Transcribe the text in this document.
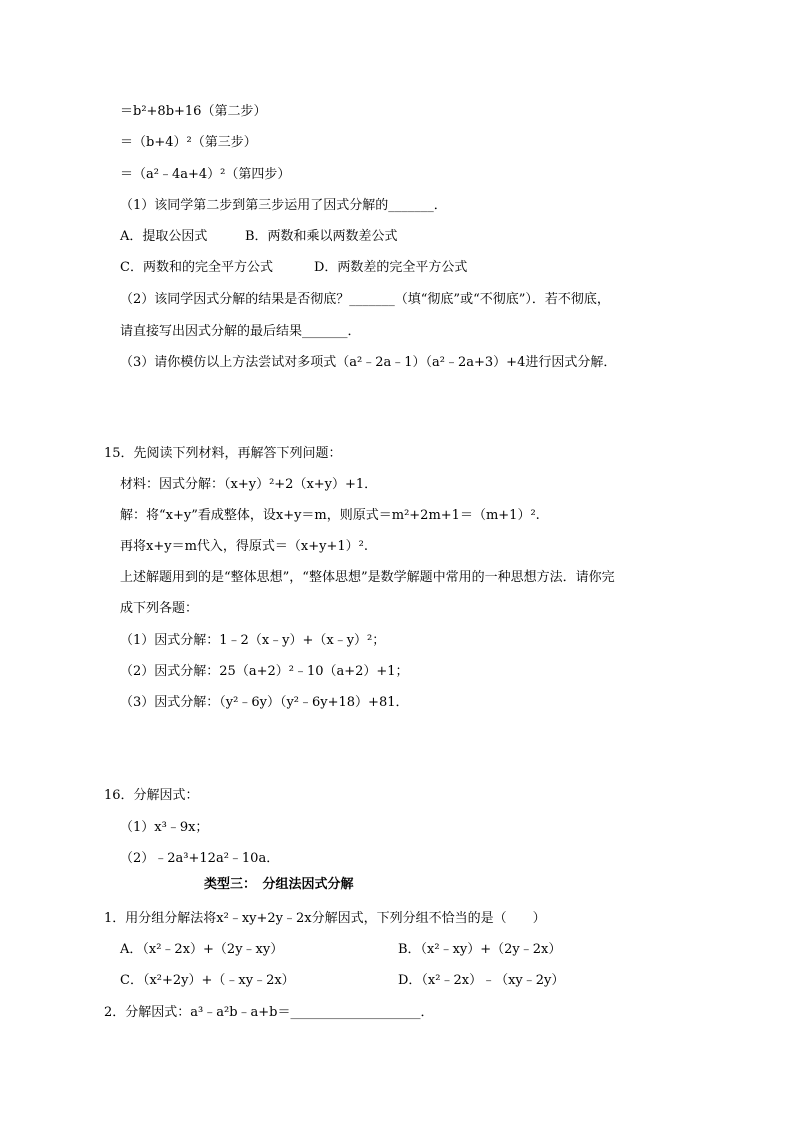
＝b²+8b+16（第二步）
＝（b+4）²（第三步）
＝（a²﹣4a+4）²（第四步）
（1）该同学第二步到第三步运用了因式分解的_______．
A．提取公因式	B．两数和乘以两数差公式
C．两数和的完全平方公式	D．两数差的完全平方公式
（2）该同学因式分解的结果是否彻底？_______（填“彻底”或“不彻底”）．若不彻底，
请直接写出因式分解的最后结果_______．
（3）请你模仿以上方法尝试对多项式（a²﹣2a﹣1）（a²﹣2a+3）+4进行因式分解．
15．先阅读下列材料，再解答下列问题：
材料：因式分解：（x+y）²+2（x+y）+1．
解：将“x+y”看成整体，设x+y＝m，则原式＝m²+2m+1＝（m+1）².
再将x+y＝m代入，得原式＝（x+y+1）².
上述解题用到的是“整体思想”，“整体思想”是数学解题中常用的一种思想方法．请你完
成下列各题：
（1）因式分解：1﹣2（x﹣y）+（x﹣y）²；
（2）因式分解：25（a+2）²﹣10（a+2）+1；
（3）因式分解：（y²﹣6y）（y²﹣6y+18）+81．
16．分解因式：
（1）x³﹣9x；
（2）﹣2a³+12a²﹣10a．
类型三：　分组法因式分解
1．用分组分解法将x²﹣xy+2y﹣2x分解因式，下列分组不恰当的是（　　）
A．（x²﹣2x）+（2y﹣xy）	B．（x²﹣xy）+（2y﹣2x）
C．（x²+2y）+（﹣xy﹣2x）	D．（x²﹣2x）﹣（xy﹣2y）
2．分解因式：a³﹣a²b﹣a+b＝____________________．
